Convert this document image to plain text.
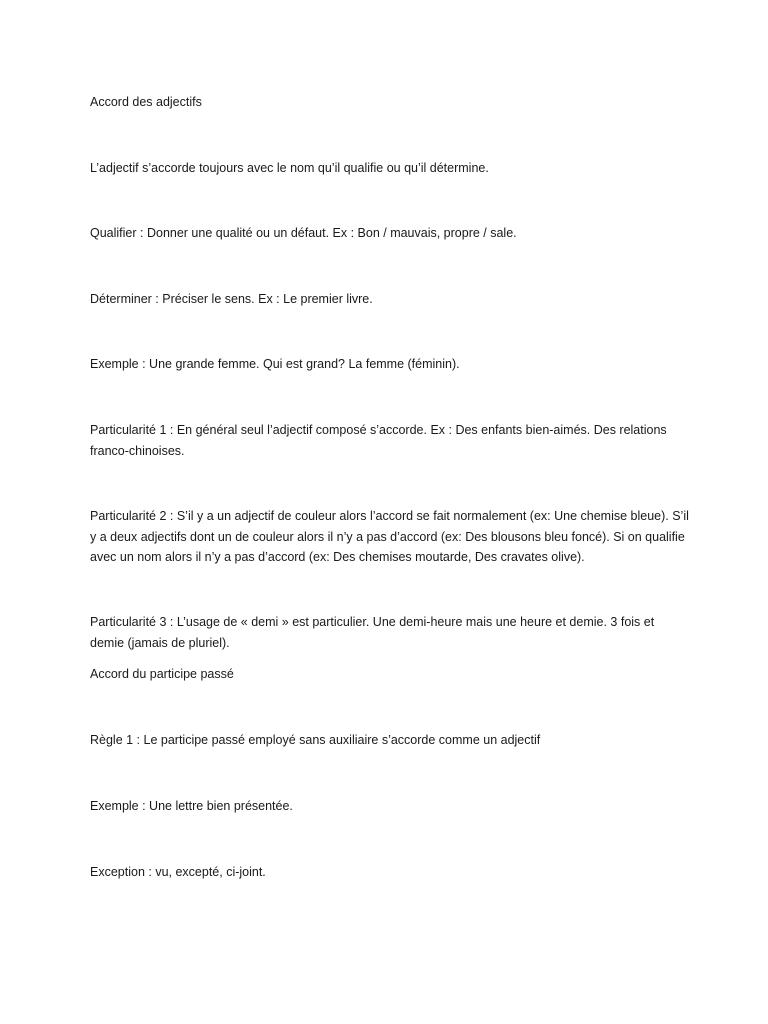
Accord des adjectifs

L’adjectif s’accorde toujours avec le nom qu’il qualifie ou qu’il détermine.

Qualifier : Donner une qualité ou un défaut. Ex : Bon / mauvais, propre / sale.

Déterminer : Préciser le sens. Ex : Le premier livre.

Exemple : Une grande femme. Qui est grand? La femme (féminin).

Particularité 1 : En général seul l’adjectif composé s’accorde. Ex : Des enfants bien-aimés. Des relations franco-chinoises.

Particularité 2 : S’il y a un adjectif de couleur alors l’accord se fait normalement (ex: Une chemise bleue). S’il y a deux adjectifs dont un de couleur alors il n’y a pas d’accord (ex: Des blousons bleu foncé). Si on qualifie avec un nom alors il n’y a pas d’accord (ex: Des chemises moutarde, Des cravates olive).

Particularité 3 : L’usage de « demi » est particulier. Une demi-heure mais une heure et demie. 3 fois et demie (jamais de pluriel).

Accord du participe passé

Règle 1 : Le participe passé employé sans auxiliaire s’accorde comme un adjectif

Exemple : Une lettre bien présentée.

Exception : vu, excepté, ci-joint.
